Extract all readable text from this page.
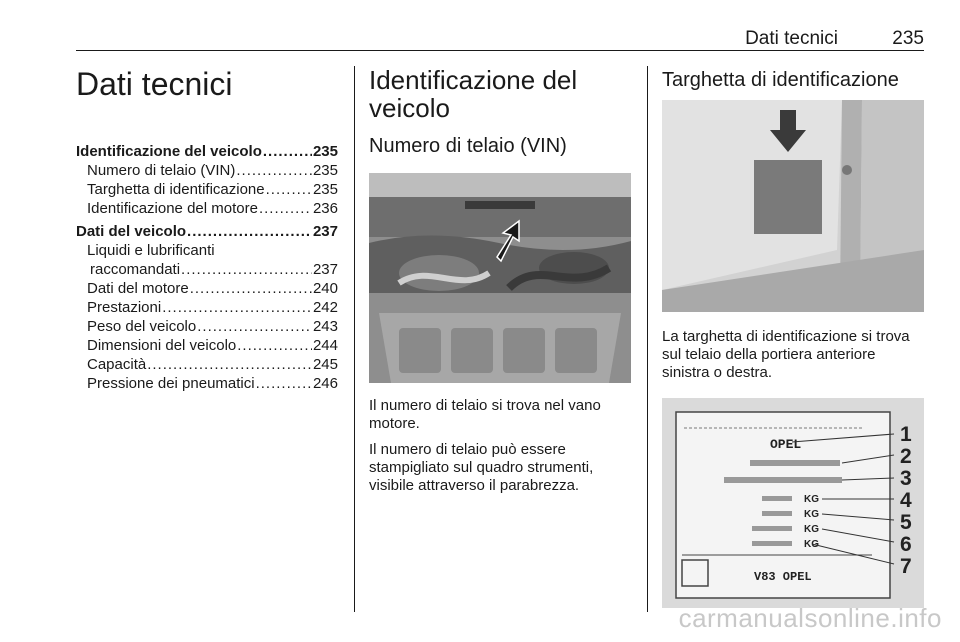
Dati tecnici	235
Dati tecnici
Identificazione del veicolo .....	235
Numero di telaio (VIN) .....	235
Targhetta di identificazione .....	235
Identificazione del motore .....	236
Dati del veicolo .....	237
Liquidi e lubrificanti
raccomandati .....	237
Dati del motore .....	240
Prestazioni .....	242
Peso del veicolo .....	243
Dimensioni del veicolo .....	244
Capacità .....	245
Pressione dei pneumatici .....	246
Identificazione del
veicolo
Numero di telaio (VIN)

Il numero di telaio si trova nel vano motore.

Il numero di telaio può essere stampigliato sul quadro strumenti, visibile attraverso il parabrezza.

Targhetta di identificazione

La targhetta di identificazione si trova sul telaio della portiera anteriore sinistra o destra.

OPEL
KG
KG
KG
KG
V83 OPEL
1
2
3
4
5
6
7
carmanualsonline.info
